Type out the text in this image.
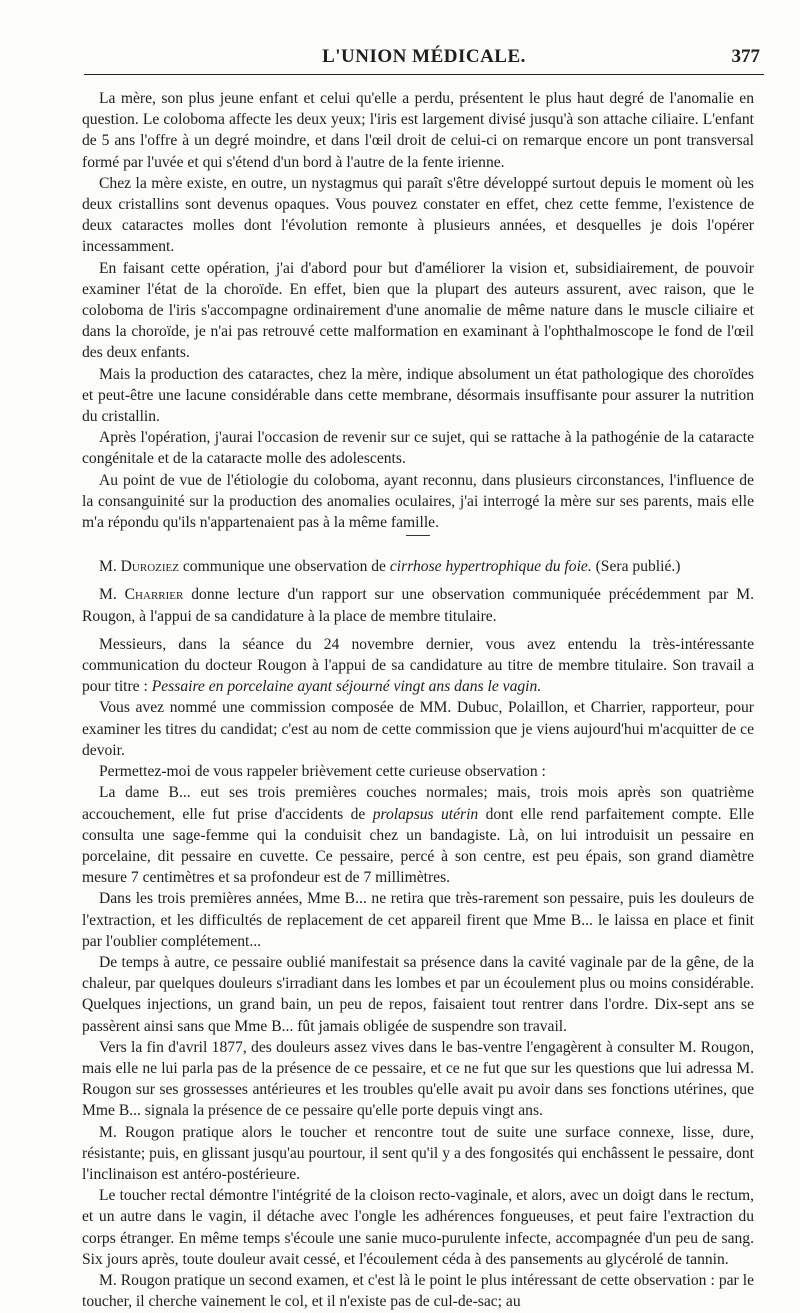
L'UNION MÉDICALE.	377

La mère, son plus jeune enfant et celui qu'elle a perdu, présentent le plus haut degré de l'anomalie en question. Le coloboma affecte les deux yeux; l'iris est largement divisé jusqu'à son attache ciliaire. L'enfant de 5 ans l'offre à un degré moindre, et dans l'œil droit de celui-ci on remarque encore un pont transversal formé par l'uvée et qui s'étend d'un bord à l'autre de la fente irienne.

Chez la mère existe, en outre, un nystagmus qui paraît s'être développé surtout depuis le moment où les deux cristallins sont devenus opaques. Vous pouvez constater en effet, chez cette femme, l'existence de deux cataractes molles dont l'évolution remonte à plusieurs années, et desquelles je dois l'opérer incessamment.

En faisant cette opération, j'ai d'abord pour but d'améliorer la vision et, subsidiairement, de pouvoir examiner l'état de la choroïde. En effet, bien que la plupart des auteurs assurent, avec raison, que le coloboma de l'iris s'accompagne ordinairement d'une anomalie de même nature dans le muscle ciliaire et dans la choroïde, je n'ai pas retrouvé cette malformation en examinant à l'ophthalmoscope le fond de l'œil des deux enfants.

Mais la production des cataractes, chez la mère, indique absolument un état pathologique des choroïdes et peut-être une lacune considérable dans cette membrane, désormais insuffisante pour assurer la nutrition du cristallin.

Après l'opération, j'aurai l'occasion de revenir sur ce sujet, qui se rattache à la pathogénie de la cataracte congénitale et de la cataracte molle des adolescents.

Au point de vue de l'étiologie du coloboma, ayant reconnu, dans plusieurs circonstances, l'influence de la consanguinité sur la production des anomalies oculaires, j'ai interrogé la mère sur ses parents, mais elle m'a répondu qu'ils n'appartenaient pas à la même famille.

M. Duroziez communique une observation de cirrhose hypertrophique du foie. (Sera publié.)

M. Charrier donne lecture d'un rapport sur une observation communiquée précédemment par M. Rougon, à l'appui de sa candidature à la place de membre titulaire.

Messieurs, dans la séance du 24 novembre dernier, vous avez entendu la très-intéressante communication du docteur Rougon à l'appui de sa candidature au titre de membre titulaire. Son travail a pour titre : Pessaire en porcelaine ayant séjourné vingt ans dans le vagin.

Vous avez nommé une commission composée de MM. Dubuc, Polaillon, et Charrier, rapporteur, pour examiner les titres du candidat; c'est au nom de cette commission que je viens aujourd'hui m'acquitter de ce devoir.

Permettez-moi de vous rappeler brièvement cette curieuse observation :

La dame B... eut ses trois premières couches normales; mais, trois mois après son quatrième accouchement, elle fut prise d'accidents de prolapsus utérin dont elle rend parfaitement compte. Elle consulta une sage-femme qui la conduisit chez un bandagiste. Là, on lui introduisit un pessaire en porcelaine, dit pessaire en cuvette. Ce pessaire, percé à son centre, est peu épais, son grand diamètre mesure 7 centimètres et sa profondeur est de 7 millimètres.

Dans les trois premières années, Mme B... ne retira que très-rarement son pessaire, puis les douleurs de l'extraction, et les difficultés de replacement de cet appareil firent que Mme B... le laissa en place et finit par l'oublier complétement...

De temps à autre, ce pessaire oublié manifestait sa présence dans la cavité vaginale par de la gêne, de la chaleur, par quelques douleurs s'irradiant dans les lombes et par un écoulement plus ou moins considérable. Quelques injections, un grand bain, un peu de repos, faisaient tout rentrer dans l'ordre. Dix-sept ans se passèrent ainsi sans que Mme B... fût jamais obligée de suspendre son travail.

Vers la fin d'avril 1877, des douleurs assez vives dans le bas-ventre l'engagèrent à consulter M. Rougon, mais elle ne lui parla pas de la présence de ce pessaire, et ce ne fut que sur les questions que lui adressa M. Rougon sur ses grossesses antérieures et les troubles qu'elle avait pu avoir dans ses fonctions utérines, que Mme B... signala la présence de ce pessaire qu'elle porte depuis vingt ans.

M. Rougon pratique alors le toucher et rencontre tout de suite une surface connexe, lisse, dure, résistante; puis, en glissant jusqu'au pourtour, il sent qu'il y a des fongosités qui enchâssent le pessaire, dont l'inclinaison est antéro-postérieure.

Le toucher rectal démontre l'intégrité de la cloison recto-vaginale, et alors, avec un doigt dans le rectum, et un autre dans le vagin, il détache avec l'ongle les adhérences fongueuses, et peut faire l'extraction du corps étranger. En même temps s'écoule une sanie muco-purulente infecte, accompagnée d'un peu de sang. Six jours après, toute douleur avait cessé, et l'écoulement céda à des pansements au glycérolé de tannin.

M. Rougon pratique un second examen, et c'est là le point le plus intéressant de cette observation : par le toucher, il cherche vainement le col, et il n'existe pas de cul-de-sac; au
